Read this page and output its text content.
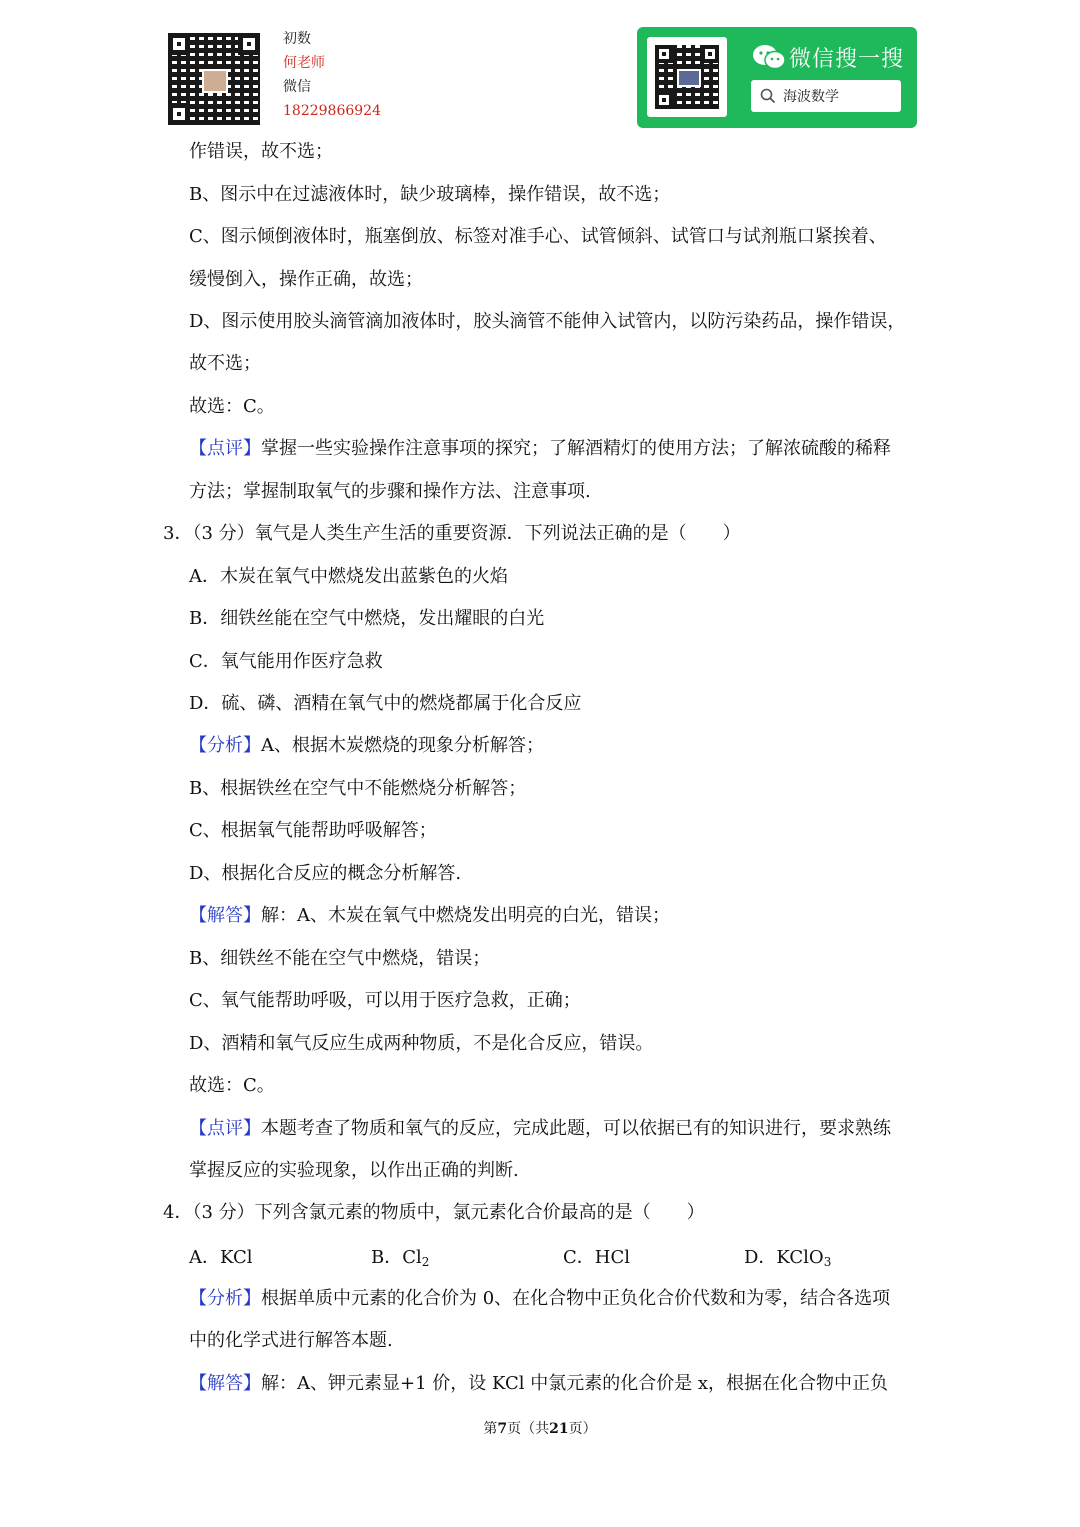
初数
何老师
微信
18229866924
微信搜一搜
海波数学
作错误，故不选；
B、图示中在过滤液体时，缺少玻璃棒，操作错误，故不选；
C、图示倾倒液体时，瓶塞倒放、标签对准手心、试管倾斜、试管口与试剂瓶口紧挨着、
缓慢倒入，操作正确，故选；
D、图示使用胶头滴管滴加液体时，胶头滴管不能伸入试管内，以防污染药品，操作错误，
故不选；
故选：C。
【点评】掌握一些实验操作注意事项的探究；了解酒精灯的使用方法；了解浓硫酸的稀释
方法；掌握制取氧气的步骤和操作方法、注意事项.
3．（3 分）氧气是人类生产生活的重要资源．下列说法正确的是（　　）
A．木炭在氧气中燃烧发出蓝紫色的火焰
B．细铁丝能在空气中燃烧，发出耀眼的白光
C．氧气能用作医疗急救
D．硫、磷、酒精在氧气中的燃烧都属于化合反应
【分析】A、根据木炭燃烧的现象分析解答；
B、根据铁丝在空气中不能燃烧分析解答；
C、根据氧气能帮助呼吸解答；
D、根据化合反应的概念分析解答.
【解答】解：A、木炭在氧气中燃烧发出明亮的白光，错误；
B、细铁丝不能在空气中燃烧，错误；
C、氧气能帮助呼吸，可以用于医疗急救，正确；
D、酒精和氧气反应生成两种物质，不是化合反应，错误。
故选：C。
【点评】本题考查了物质和氧气的反应，完成此题，可以依据已有的知识进行，要求熟练
掌握反应的实验现象，以作出正确的判断.
4．（3 分）下列含氯元素的物质中，氯元素化合价最高的是（　　）
A．KCl	B．$Cl_2$	C．HCl	D．KClO$_3$
【分析】根据单质中元素的化合价为 0、在化合物中正负化合价代数和为零，结合各选项
中的化学式进行解答本题.
【解答】解：A、钾元素显+1 价，设 KCl 中氯元素的化合价是 x，根据在化合物中正负
第7页（共21页）
